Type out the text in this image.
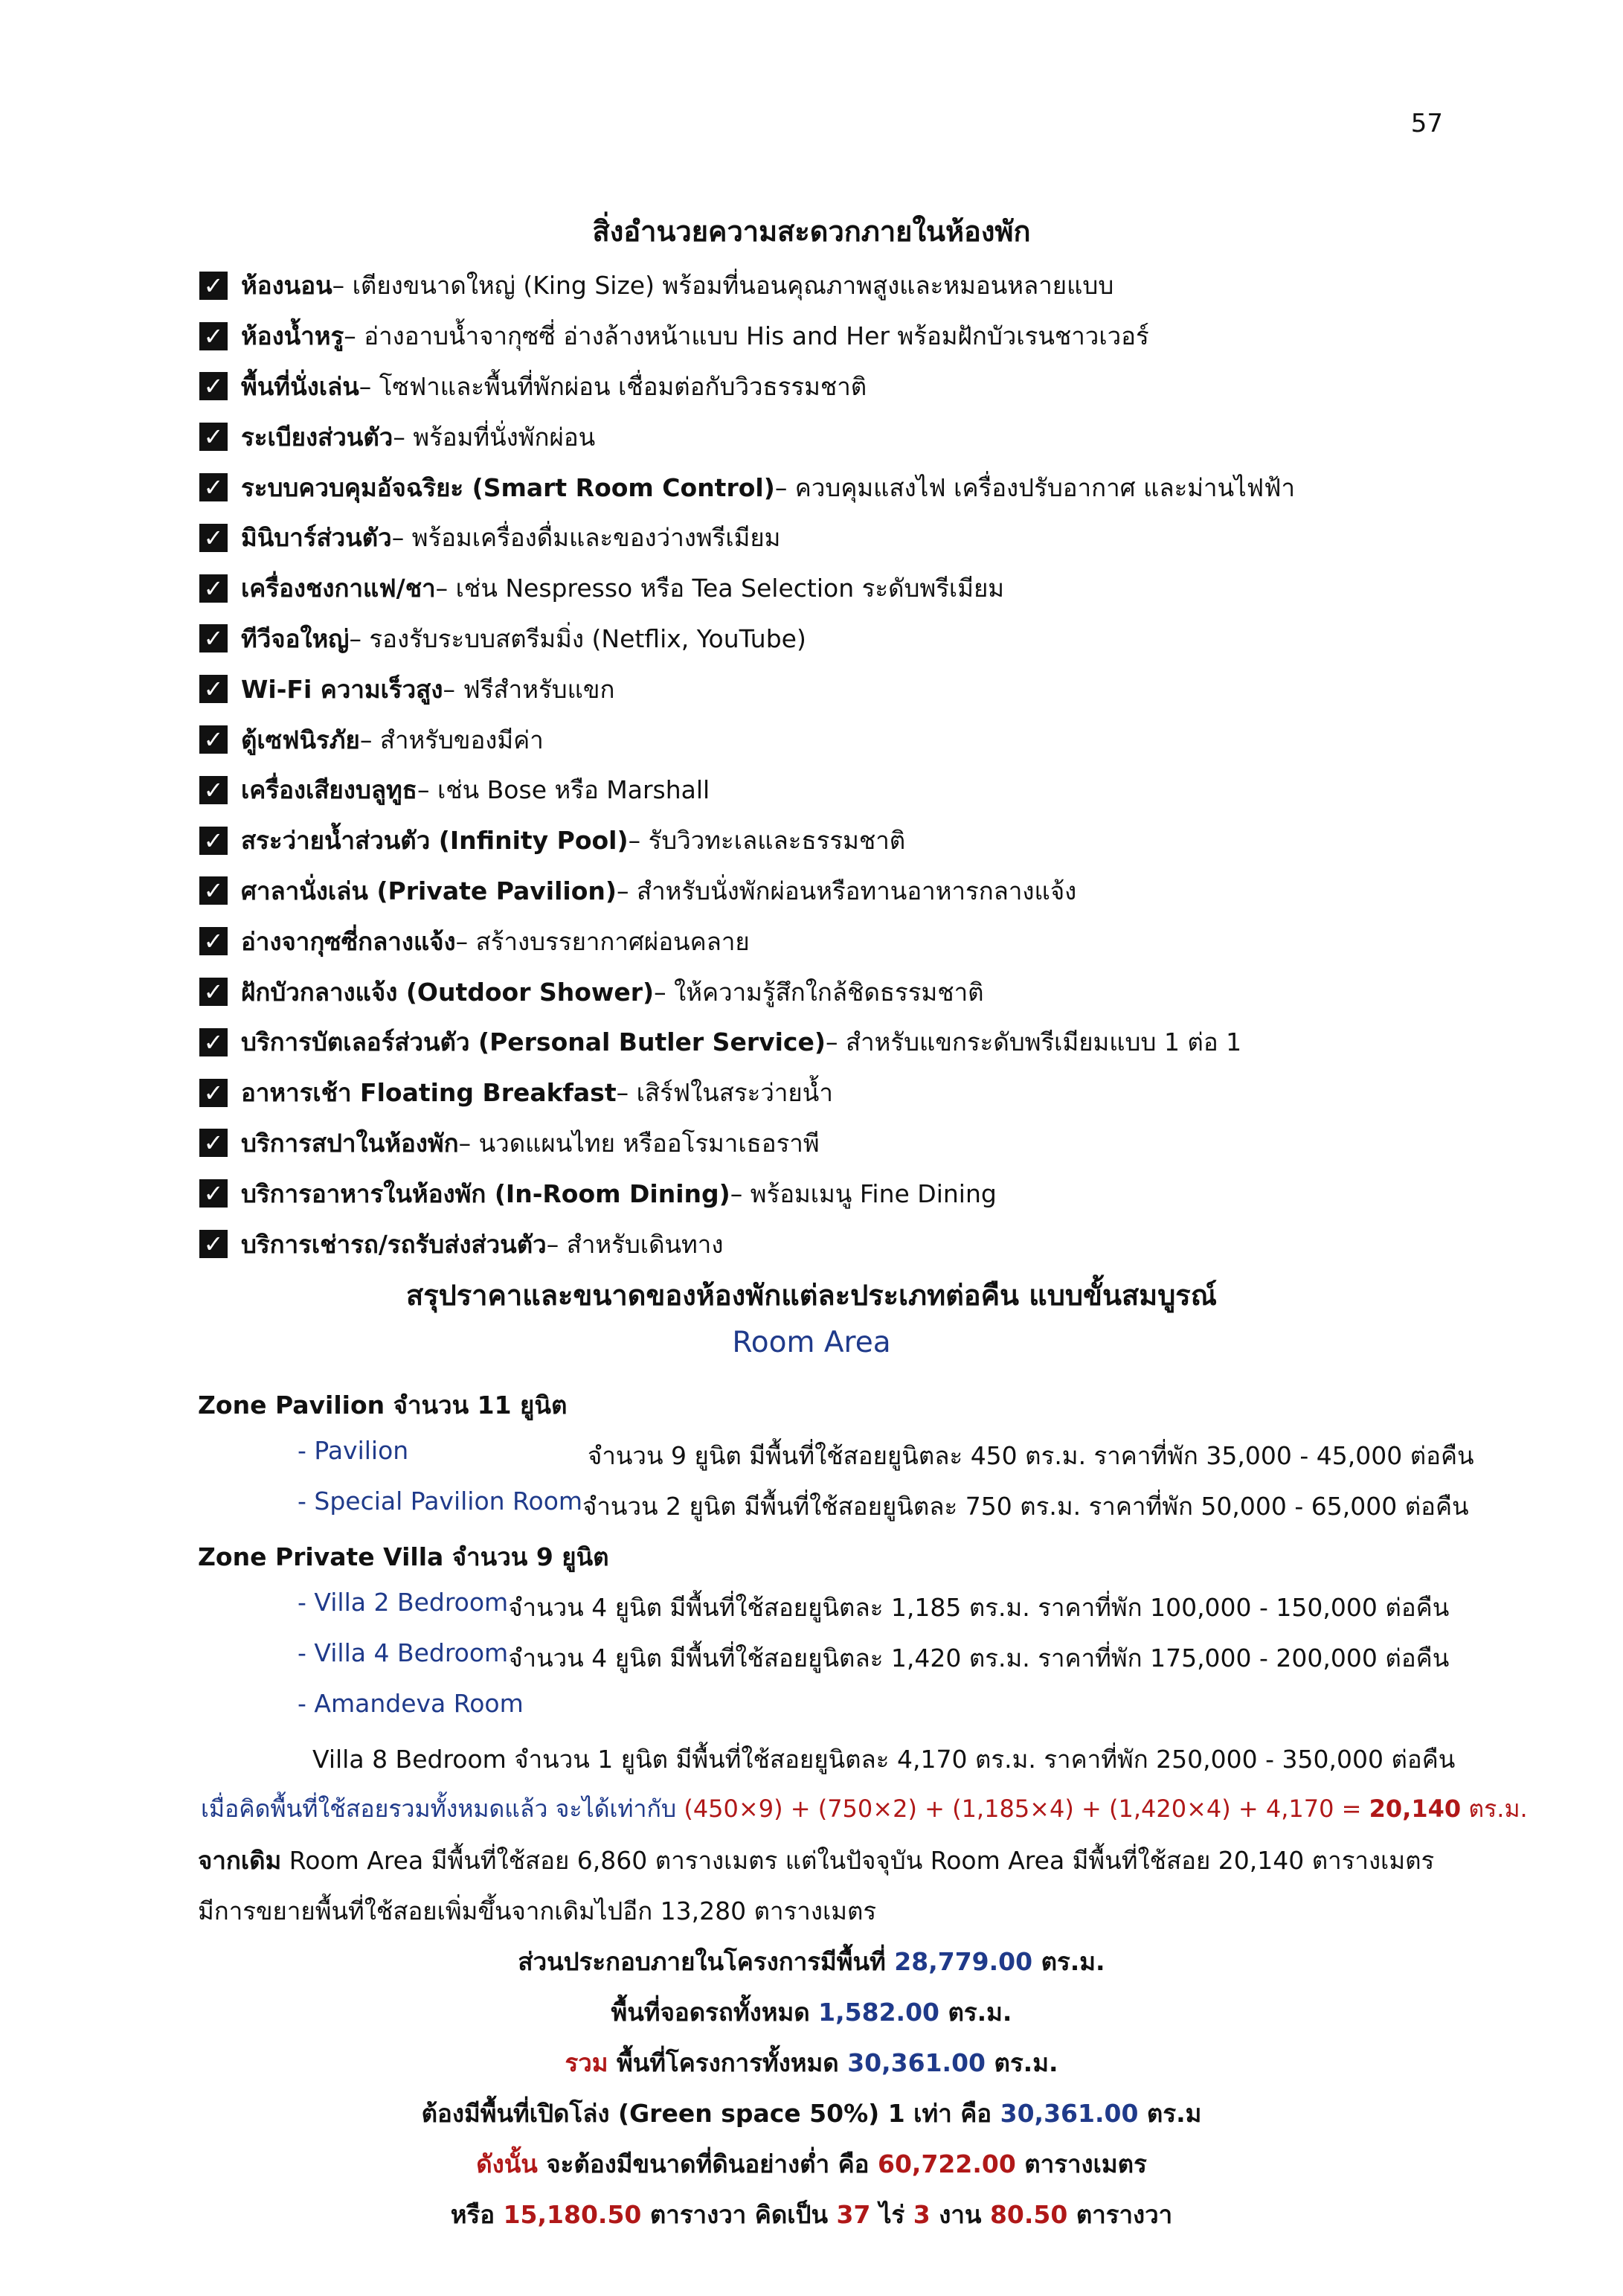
57
สิ่งอำนวยความสะดวกภายในห้องพัก
✓ ห้องนอน – เตียงขนาดใหญ่ (King Size) พร้อมที่นอนคุณภาพสูงและหมอนหลายแบบ
✓ ห้องน้ำหรู – อ่างอาบน้ำจากุซซี่ อ่างล้างหน้าแบบ His and Her พร้อมฝักบัวเรนชาวเวอร์
✓ พื้นที่นั่งเล่น – โซฟาและพื้นที่พักผ่อน เชื่อมต่อกับวิวธรรมชาติ
✓ ระเบียงส่วนตัว – พร้อมที่นั่งพักผ่อน
✓ ระบบควบคุมอัจฉริยะ (Smart Room Control) – ควบคุมแสงไฟ เครื่องปรับอากาศ และม่านไฟฟ้า
✓ มินิบาร์ส่วนตัว – พร้อมเครื่องดื่มและของว่างพรีเมียม
✓ เครื่องชงกาแฟ/ชา – เช่น Nespresso หรือ Tea Selection ระดับพรีเมียม
✓ ทีวีจอใหญ่ – รองรับระบบสตรีมมิ่ง (Netflix, YouTube)
✓ Wi-Fi ความเร็วสูง – ฟรีสำหรับแขก
✓ ตู้เซฟนิรภัย – สำหรับของมีค่า
✓ เครื่องเสียงบลูทูธ – เช่น Bose หรือ Marshall
✓ สระว่ายน้ำส่วนตัว (Infinity Pool) – รับวิวทะเลและธรรมชาติ
✓ ศาลานั่งเล่น (Private Pavilion) – สำหรับนั่งพักผ่อนหรือทานอาหารกลางแจ้ง
✓ อ่างจากุซซี่กลางแจ้ง – สร้างบรรยากาศผ่อนคลาย
✓ ฝักบัวกลางแจ้ง (Outdoor Shower) – ให้ความรู้สึกใกล้ชิดธรรมชาติ
✓ บริการบัตเลอร์ส่วนตัว (Personal Butler Service) – สำหรับแขกระดับพรีเมียมแบบ 1 ต่อ 1
✓ อาหารเช้า Floating Breakfast – เสิร์ฟในสระว่ายน้ำ
✓ บริการสปาในห้องพัก – นวดแผนไทย หรืออโรมาเธอราพี
✓ บริการอาหารในห้องพัก (In-Room Dining) – พร้อมเมนู Fine Dining
✓ บริการเช่ารถ/รถรับส่งส่วนตัว – สำหรับเดินทาง
สรุปราคาและขนาดของห้องพักแต่ละประเภทต่อคืน แบบขั้นสมบูรณ์
Room Area
Zone Pavilion จำนวน 11 ยูนิต
- Pavilion	จำนวน 9 ยูนิต มีพื้นที่ใช้สอยยูนิตละ 450 ตร.ม. ราคาที่พัก 35,000 - 45,000 ต่อคืน
- Special Pavilion Room จำนวน 2 ยูนิต มีพื้นที่ใช้สอยยูนิตละ 750 ตร.ม. ราคาที่พัก 50,000 - 65,000 ต่อคืน
Zone Private Villa จำนวน 9 ยูนิต
- Villa 2 Bedroom จำนวน 4 ยูนิต มีพื้นที่ใช้สอยยูนิตละ 1,185 ตร.ม. ราคาที่พัก 100,000 - 150,000 ต่อคืน
- Villa 4 Bedroom จำนวน 4 ยูนิต มีพื้นที่ใช้สอยยูนิตละ 1,420 ตร.ม. ราคาที่พัก 175,000 - 200,000 ต่อคืน
- Amandeva Room
Villa 8 Bedroom จำนวน 1 ยูนิต มีพื้นที่ใช้สอยยูนิตละ 4,170 ตร.ม. ราคาที่พัก 250,000 - 350,000 ต่อคืน
เมื่อคิดพื้นที่ใช้สอยรวมทั้งหมดแล้ว จะได้เท่ากับ (450×9) + (750×2) + (1,185×4) + (1,420×4) + 4,170 = 20,140 ตร.ม.
จากเดิม Room Area มีพื้นที่ใช้สอย 6,860 ตารางเมตร แต่ในปัจจุบัน Room Area มีพื้นที่ใช้สอย 20,140 ตารางเมตร
มีการขยายพื้นที่ใช้สอยเพิ่มขึ้นจากเดิมไปอีก 13,280 ตารางเมตร
ส่วนประกอบภายในโครงการมีพื้นที่ 28,779.00 ตร.ม.
พื้นที่จอดรถทั้งหมด 1,582.00 ตร.ม.
รวม พื้นที่โครงการทั้งหมด 30,361.00 ตร.ม.
ต้องมีพื้นที่เปิดโล่ง (Green space 50%) 1 เท่า คือ 30,361.00 ตร.ม
ดังนั้น จะต้องมีขนาดที่ดินอย่างต่ำ คือ 60,722.00 ตารางเมตร
หรือ 15,180.50 ตารางวา คิดเป็น 37 ไร่ 3 งาน 80.50 ตารางวา
